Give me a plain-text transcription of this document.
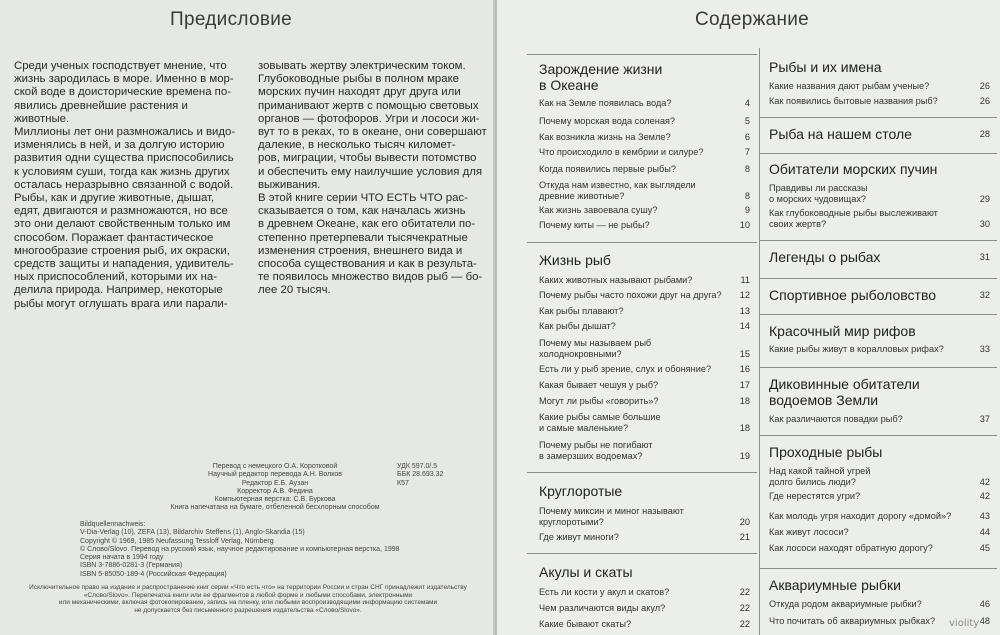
Предисловие
Среди ученых господствует мнение, что
жизнь зародилась в море. Именно в мор-
ской воде в доисторические времена по-
явились древнейшие растения и животные.
Миллионы лет они размножались и видо-
изменялись в ней, и за долгую историю
развития одни существа приспособились
к условиям суши, тогда как жизнь других
осталась неразрывно связанной с водой.
Рыбы, как и другие животные, дышат,
едят, двигаются и размножаются, но все
это они делают свойственным только им
способом. Поражает фантастическое
многообразие строения рыб, их окраски,
средств защиты и нападения, удивитель-
ных приспособлений, которыми их на-
делила природа. Например, некоторые
рыбы могут оглушать врага или парали-
зовывать жертву электрическим током.
Глубоководные рыбы в полном мраке
морских пучин находят друг друга или
приманивают жертв с помощью световых
органов — фотофоров. Угри и лососи жи-
вут то в реках, то в океане, они совершают
далекие, в несколько тысяч километ-
ров, миграции, чтобы вывести потомство
и обеспечить ему наилучшие условия для
выживания.
В этой книге серии ЧТО ЕСТЬ ЧТО рас-
сказывается о том, как началась жизнь
в древнем Океане, как его обитатели по-
степенно претерпевали тысячекратные
изменения строения, внешнего вида и
способа существования и как в результа-
те появилось множество видов рыб — бо-
лее 20 тысяч.
Перевод с немецкого О.А. Коротковой
Научный редактор перевода А.Н. Волков
Редактор Е.Б. Аузан
Корректор А.В. Федина
Компьютерная верстка: С.В. Буркова
Книга напечатана на бумаге, отбеленной бесхлорным способом
УДК 597.0/.5
ББК 28.693.32
К57
Bildquellennachweis:
V-Dia-Verlag (10), ZEFA (13), Bildarchiv Steffens (1), Anglo-Skandia (15)
Copyright © 1969, 1985 Neufassung Tessloff Verlag, Nürnberg
© Слово/Slovo. Перевод на русский язык, научное редактирование и компьютерная верстка, 1998
Серия начата в 1994 году
ISBN 3-7886-0281-3 (Германия)
ISBN 5-85050-189-4 (Российская Федерация)
Исключительное право на издание и распространение книг серии «Что есть что» на территории России и стран СНГ принадлежит издательству
«Слово/Slovo». Перепечатка книги или ее фрагментов в любой форме и любыми способами, электронными
или механическими, включая фотокопирование, запись на пленку, или любыми воспроизводящими информацию системами
не допускается без письменного разрешения издательства «Слово/Slovo».
Содержание
Зарождение жизни
в Океане
Как на Земле появилась вода?	4
Почему морская вода соленая?	5
Как возникла жизнь на Земле?	6
Что происходило в кембрии и силуре?	7
Когда появились первые рыбы?	8
Откуда нам известно, как выглядели
древние животные?	8
Как жизнь завоевала сушу?	9
Почему киты — не рыбы?	10
Жизнь рыб
Каких животных называют рыбами?	11
Почему рыбы часто похожи друг на друга?	12
Как рыбы плавают?	13
Как рыбы дышат?	14
Почему мы называем рыб
холоднокровными?	15
Есть ли у рыб зрение, слух и обоняние?	16
Какая бывает чешуя у рыб?	17
Могут ли рыбы «говорить»?	18
Какие рыбы самые большие
и самые маленькие?	18
Почему рыбы не погибают
в замерзших водоемах?	19
Круглоротые
Почему миксин и миног называют
круглоротыми?	20
Где живут миноги?	21
Акулы и скаты
Есть ли кости у акул и скатов?	22
Чем различаются виды акул?	22
Какие бывают скаты?	22
Рыбы и их имена
Какие названия дают рыбам ученые?	26
Как появились бытовые названия рыб?	26
Рыба на нашем столе	28
Обитатели морских пучин
Правдивы ли рассказы
о морских чудовищах?	29
Как глубоководные рыбы выслеживают
своих жертв?	30
Легенды о рыбах	31
Спортивное рыболовство	32
Красочный мир рифов
Какие рыбы живут в коралловых рифах?	33
Диковинные обитатели
водоемов Земли
Как различаются повадки рыб?	37
Проходные рыбы
Над какой тайной угрей
долго бились люди?	42
Где нерестятся угри?	42
Как молодь угря находит дорогу «домой»?	43
Как живут лососи?	44
Как лососи находят обратную дорогу?	45
Аквариумные рыбки
Откуда родом аквариумные рыбки?	46
Что почитать об аквариумных рыбках?	48
violity
